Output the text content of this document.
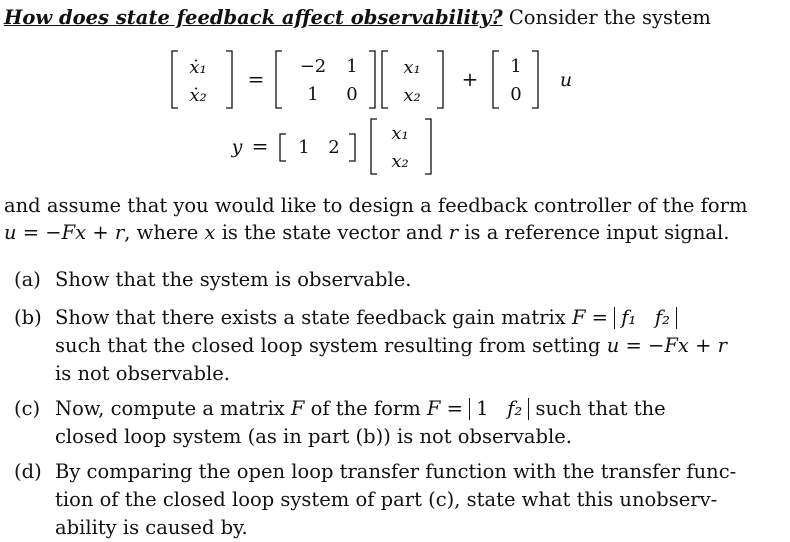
How does state feedback affect observability? Consider the system
ẋ₁
ẋ₂
=
−2 1
1 0
x₁
x₂
+
1
0
u
y = 1 2
x₁
x₂
and assume that you would like to design a feedback controller of the form
u = −Fx + r, where x is the state vector and r is a reference input signal.
(a) Show that the system is observable.
(b) Show that there exists a state feedback gain matrix F = f₁ f₂
such that the closed loop system resulting from setting u = −Fx + r
is not observable.
(c) Now, compute a matrix F of the form F = 1 f₂ such that the
closed loop system (as in part (b)) is not observable.
(d) By comparing the open loop transfer function with the transfer func-
tion of the closed loop system of part (c), state what this unobserv-
ability is caused by.
